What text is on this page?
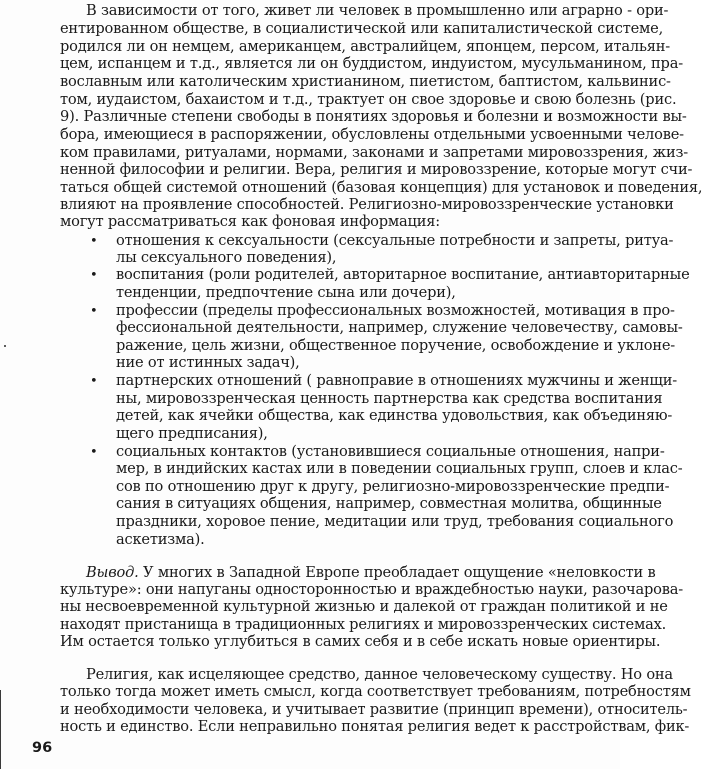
В зависимости от того, живет ли человек в промышленно или аграрно - ори-
ентированном обществе, в социалистической или капиталистической системе,
родился ли он немцем, американцем, австралийцем, японцем, персом, итальян-
цем, испанцем и т.д., является ли он буддистом, индуистом, мусульманином, пра-
вославным или католическим христианином, пиетистом, баптистом, кальвинис-
том, иудаистом, бахаистом и т.д., трактует он свое здоровье и свою болезнь (рис.
9). Различные степени свободы в понятиях здоровья и болезни и возможности вы-
бора, имеющиеся в распоряжении, обусловлены отдельными усвоенными челове-
ком правилами, ритуалами, нормами, законами и запретами мировоззрения, жиз-
ненной философии и религии. Вера, религия и мировоззрение, которые могут счи-
таться общей системой отношений (базовая концепция) для установок и поведения,
влияют на проявление способностей. Религиозно-мировоззренческие установки
могут рассматриваться как фоновая информация:
• отношения к сексуальности (сексуальные потребности и запреты, ритуа-
лы сексуального поведения),
• воспитания (роли родителей, авторитарное воспитание, антиавторитарные
тенденции, предпочтение сына или дочери),
• профессии (пределы профессиональных возможностей, мотивация в про-
фессиональной деятельности, например, служение человечеству, самовы-
ражение, цель жизни, общественное поручение, освобождение и уклоне-
ние от истинных задач),
• партнерских отношений ( равноправие в отношениях мужчины и женщи-
ны, мировоззренческая ценность партнерства как средства воспитания
детей, как ячейки общества, как единства удовольствия, как объединяю-
щего предписания),
• социальных контактов (установившиеся социальные отношения, напри-
мер, в индийских кастах или в поведении социальных групп, слоев и клас-
сов по отношению друг к другу, религиозно-мировоззренческие предпи-
сания в ситуациях общения, например, совместная молитва, общинные
праздники, хоровое пение, медитации или труд, требования социального
аскетизма).
Вывод. У многих в Западной Европе преобладает ощущение «неловкости в
культуре»: они напуганы односторонностью и враждебностью науки, разочарова-
ны несвоевременной культурной жизнью и далекой от граждан политикой и не
находят пристанища в традиционных религиях и мировоззренческих системах.
Им остается только углубиться в самих себя и в себе искать новые ориентиры.
Религия, как исцеляющее средство, данное человеческому существу. Но она
только тогда может иметь смысл, когда соответствует требованиям, потребностям
и необходимости человека, и учитывает развитие (принцип времени), относитель-
ность и единство. Если неправильно понятая религия ведет к расстройствам, фик-
96
